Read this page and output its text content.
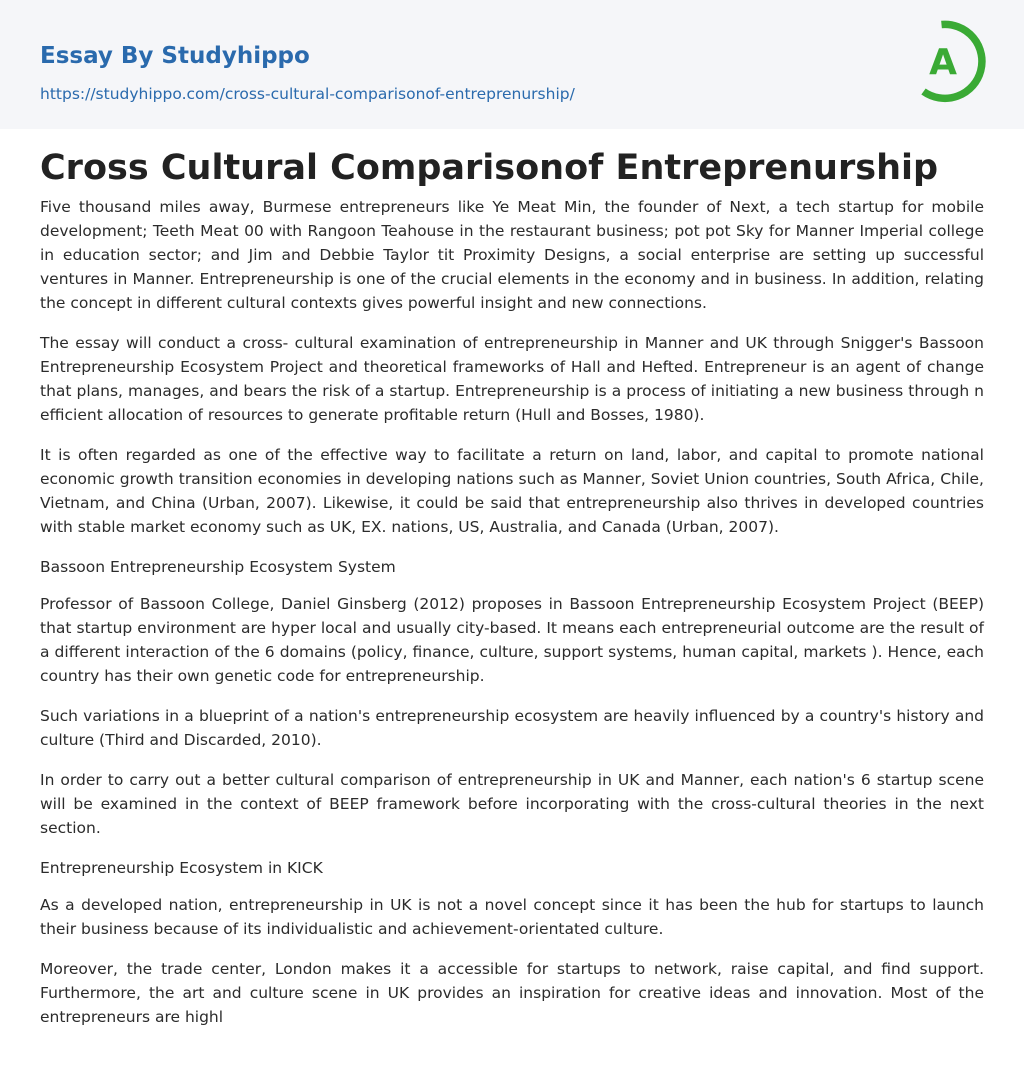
Essay By Studyhippo
https://studyhippo.com/cross-cultural-comparisonof-entreprenurship/
A
Cross Cultural Comparisonof Entreprenurship

Five thousand miles away, Burmese entrepreneurs like Ye Meat Min, the founder of Next, a tech startup for mobile development; Teeth Meat 00 with Rangoon Teahouse in the restaurant business; pot pot Sky for Manner Imperial college in education sector; and Jim and Debbie Taylor tit Proximity Designs, a social enterprise are setting up successful ventures in Manner. Entrepreneurship is one of the crucial elements in the economy and in business. In addition, relating the concept in different cultural contexts gives powerful insight and new connections.

The essay will conduct a cross- cultural examination of entrepreneurship in Manner and UK through Snigger's Bassoon Entrepreneurship Ecosystem Project and theoretical frameworks of Hall and Hefted. Entrepreneur is an agent of change that plans, manages, and bears the risk of a startup. Entrepreneurship is a process of initiating a new business through n efficient allocation of resources to generate profitable return (Hull and Bosses, 1980).

It is often regarded as one of the effective way to facilitate a return on land, labor, and capital to promote national economic growth transition economies in developing nations such as Manner, Soviet Union countries, South Africa, Chile, Vietnam, and China (Urban, 2007). Likewise, it could be said that entrepreneurship also thrives in developed countries with stable market economy such as UK, EX. nations, US, Australia, and Canada (Urban, 2007).

Bassoon Entrepreneurship Ecosystem System

Professor of Bassoon College, Daniel Ginsberg (2012) proposes in Bassoon Entrepreneurship Ecosystem Project (BEEP) that startup environment are hyper local and usually city-based. It means each entrepreneurial outcome are the result of a different interaction of the 6 domains (policy, finance, culture, support systems, human capital, markets ). Hence, each country has their own genetic code for entrepreneurship.

Such variations in a blueprint of a nation's entrepreneurship ecosystem are heavily influenced by a country's history and culture (Third and Discarded, 2010).

In order to carry out a better cultural comparison of entrepreneurship in UK and Manner, each nation's 6 startup scene will be examined in the context of BEEP framework before incorporating with the cross-cultural theories in the next section.

Entrepreneurship Ecosystem in KICK

As a developed nation, entrepreneurship in UK is not a novel concept since it has been the hub for startups to launch their business because of its individualistic and achievement-orientated culture.

Moreover, the trade center, London makes it a accessible for startups to network, raise capital, and find support. Furthermore, the art and culture scene in UK provides an inspiration for creative ideas and innovation. Most of the entrepreneurs are highl
